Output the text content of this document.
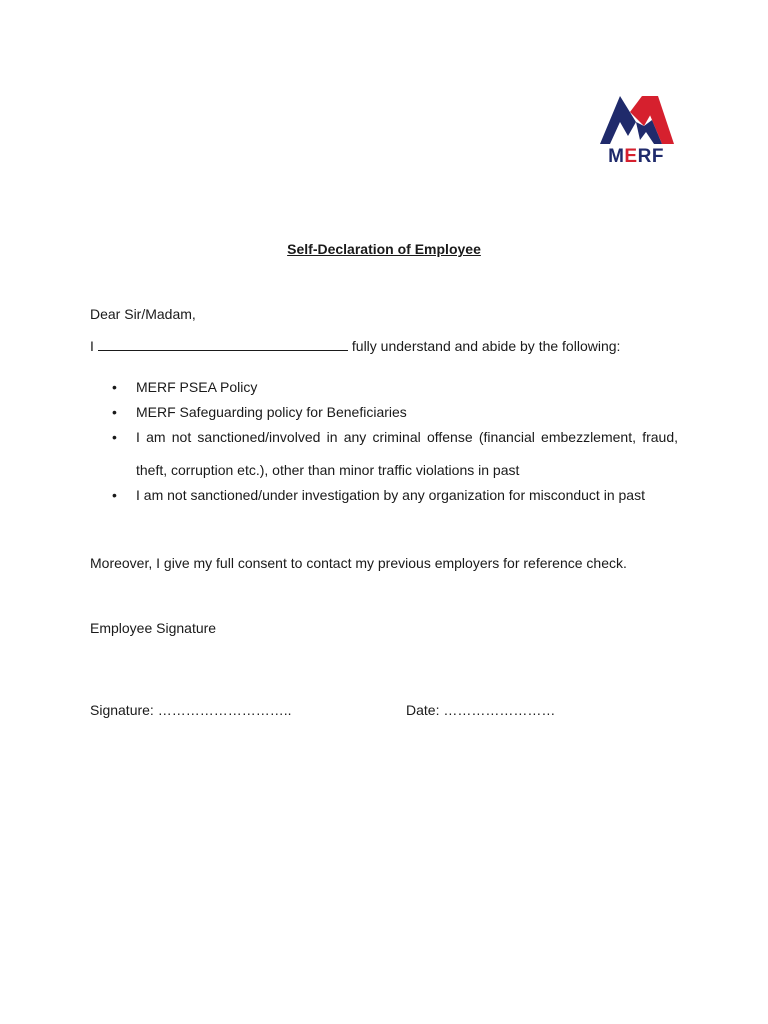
MERF
Self-Declaration of Employee
Dear Sir/Madam,
I	fully understand and abide by the following:
• MERF PSEA Policy
• MERF Safeguarding policy for Beneficiaries
• I am not sanctioned/involved in any criminal offense (financial embezzlement, fraud, theft, corruption etc.), other than minor traffic violations in past
• I am not sanctioned/under investigation by any organization for misconduct in past
Moreover, I give my full consent to contact my previous employers for reference check.
Employee Signature
Signature: ………………………..	Date: ……………………
